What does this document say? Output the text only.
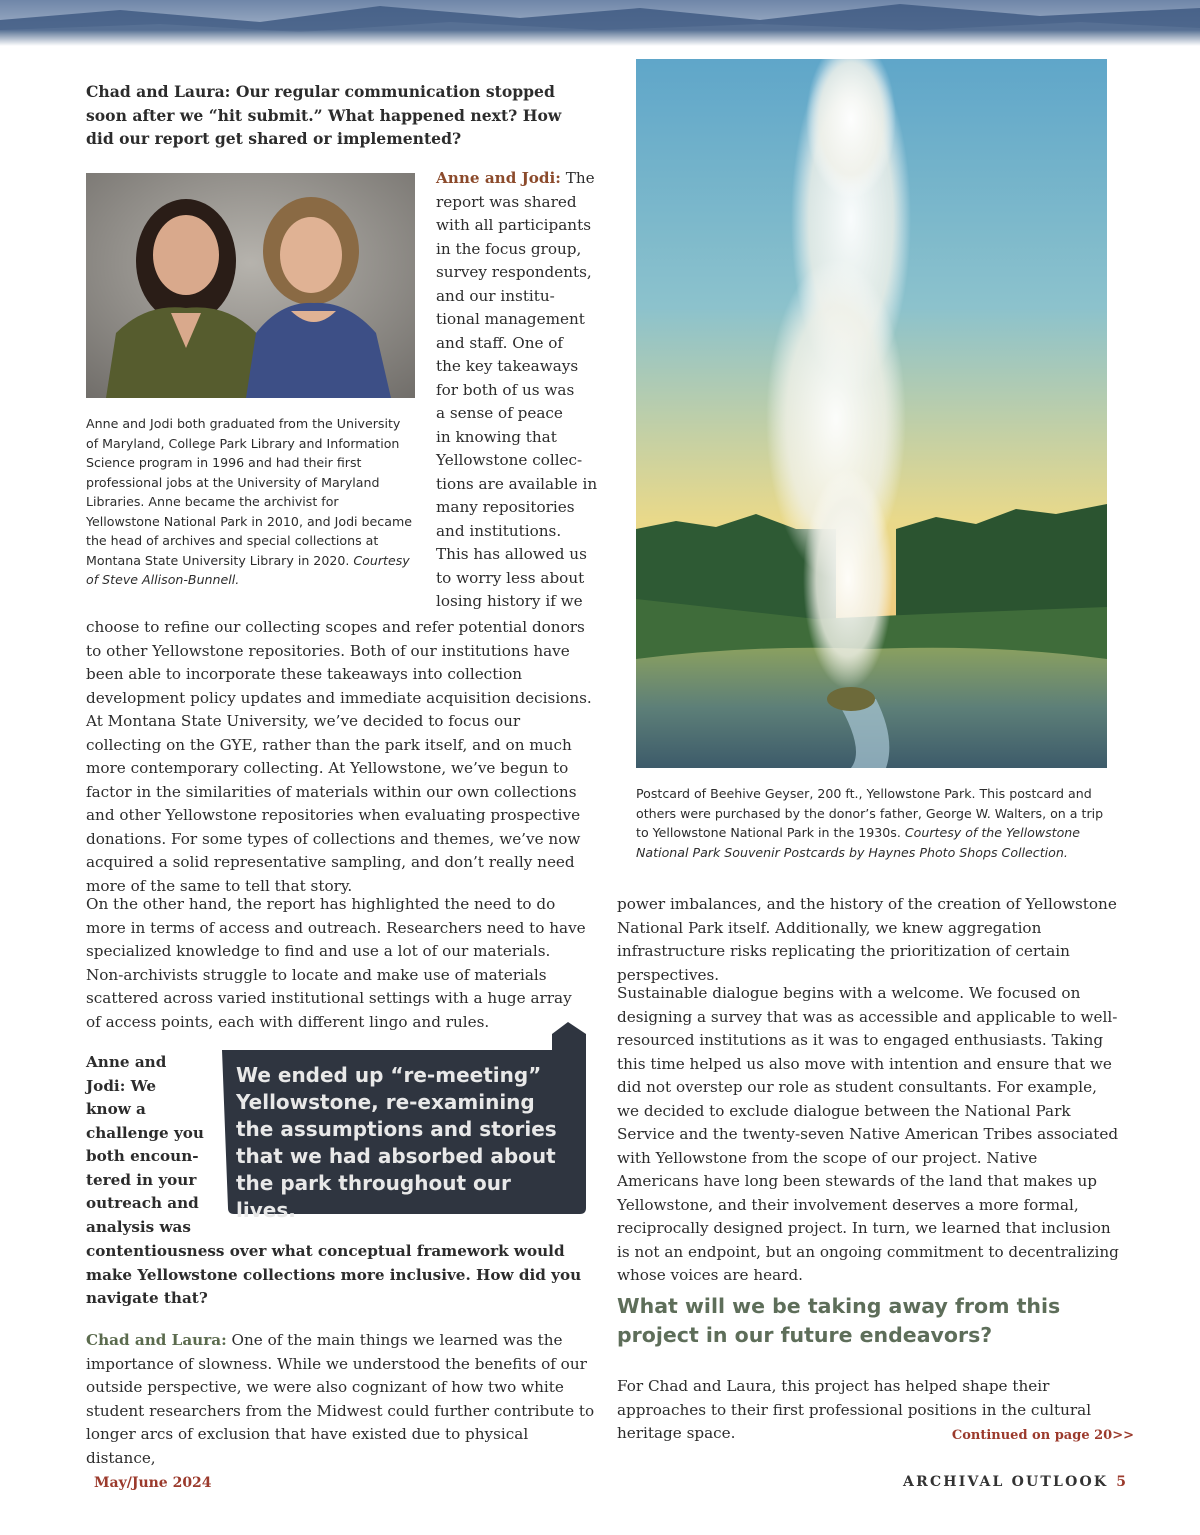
Chad and Laura: Our regular communication stopped soon after we “hit submit.” What happened next? How did our report get shared or implemented?

Anne and Jodi both graduated from the University of Maryland, College Park Library and Information Science program in 1996 and had their first professional jobs at the University of Maryland Libraries. Anne became the archivist for Yellowstone National Park in 2010, and Jodi became the head of archives and special collections at Montana State University Library in 2020. Courtesy of Steve Allison-Bunnell.

Anne and Jodi: The
report was shared
with all participants
in the focus group,
survey respondents,
and our institu-
tional management
and staff. One of
the key takeaways
for both of us was
a sense of peace
in knowing that
Yellowstone collec-
tions are available in
many repositories
and institutions.
This has allowed us
to worry less about
losing history if we

choose to refine our collecting scopes and refer potential donors to other Yellowstone repositories. Both of our institutions have been able to incorporate these takeaways into collection development policy updates and immediate acquisition decisions. At Montana State University, we’ve decided to focus our collecting on the GYE, rather than the park itself, and on much more contemporary collecting. At Yellowstone, we’ve begun to factor in the similarities of materials within our own collections and other Yellowstone repositories when evaluating prospective donations. For some types of collections and themes, we’ve now acquired a solid representative sampling, and don’t really need more of the same to tell that story.

On the other hand, the report has highlighted the need to do more in terms of access and outreach. Researchers need to have specialized knowledge to find and use a lot of our materials. Non-archivists struggle to locate and make use of materials scattered across varied institutional settings with a huge array of access points, each with different lingo and rules.

Anne and
Jodi: We
know a
challenge you
both encoun-
tered in your
outreach and
analysis was

contentiousness over what conceptual framework would make Yellowstone collections more inclusive. How did you navigate that?

We ended up “re-meeting” Yellowstone, re-examining the assumptions and stories that we had absorbed about the park throughout our lives.

Chad and Laura: One of the main things we learned was the importance of slowness. While we understood the benefits of our outside perspective, we were also cognizant of how two white student researchers from the Midwest could further contribute to longer arcs of exclusion that have existed due to physical distance,

Postcard of Beehive Geyser, 200 ft., Yellowstone Park. This postcard and others were purchased by the donor’s father, George W. Walters, on a trip to Yellowstone National Park in the 1930s. Courtesy of the Yellowstone National Park Souvenir Postcards by Haynes Photo Shops Collection.

power imbalances, and the history of the creation of Yellowstone National Park itself. Additionally, we knew aggregation infrastructure risks replicating the prioritization of certain perspectives.

Sustainable dialogue begins with a welcome. We focused on designing a survey that was as accessible and applicable to well-resourced institutions as it was to engaged enthusiasts. Taking this time helped us also move with intention and ensure that we did not overstep our role as student consultants. For example, we decided to exclude dialogue between the National Park Service and the twenty-seven Native American Tribes associated with Yellowstone from the scope of our project. Native Americans have long been stewards of the land that makes up Yellowstone, and their involvement deserves a more formal, reciprocally designed project. In turn, we learned that inclusion is not an endpoint, but an ongoing commitment to decentralizing whose voices are heard.

What will we be taking away from this project in our future endeavors?

For Chad and Laura, this project has helped shape their approaches to their first professional positions in the cultural heritage space.	Continued on page 20>>
May/June 2024	ARCHIVAL OUTLOOK 5
